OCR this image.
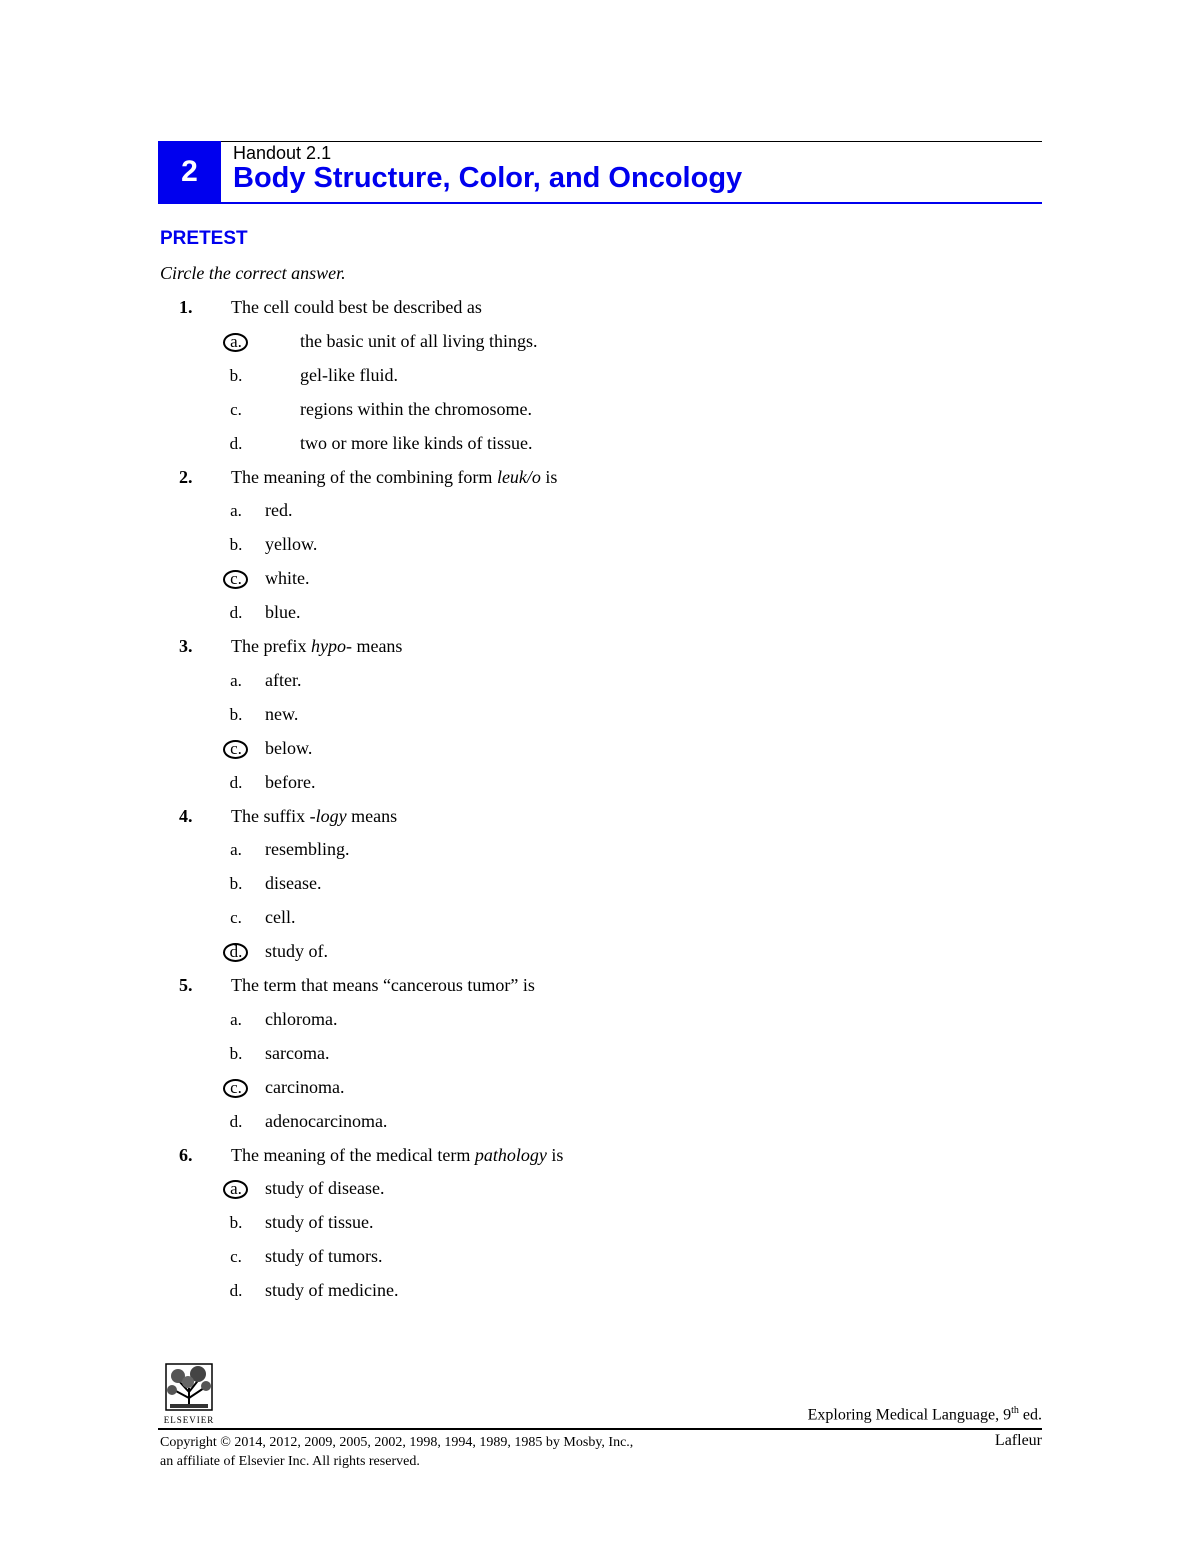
2
Handout 2.1
Body Structure, Color, and Oncology
PRETEST
Circle the correct answer.
1. The cell could best be described as
a.	the basic unit of all living things.
b.	gel-like fluid.
c.	regions within the chromosome.
d.	two or more like kinds of tissue.
2. The meaning of the combining form leuk/o is
a.	red.
b.	yellow.
c.	white.
d.	blue.
3. The prefix hypo- means
a.	after.
b.	new.
c.	below.
d.	before.
4. The suffix -logy means
a.	resembling.
b.	disease.
c.	cell.
d.	study of.
5. The term that means “cancerous tumor” is
a.	chloroma.
b.	sarcoma.
c.	carcinoma.
d.	adenocarcinoma.
6. The meaning of the medical term pathology is
a.	study of disease.
b.	study of tissue.
c.	study of tumors.
d.	study of medicine.
ELSEVIER	Exploring Medical Language, 9th ed.
Copyright © 2014, 2012, 2009, 2005, 2002, 1998, 1994, 1989, 1985 by Mosby, Inc.,
an affiliate of Elsevier Inc. All rights reserved.
Lafleur
